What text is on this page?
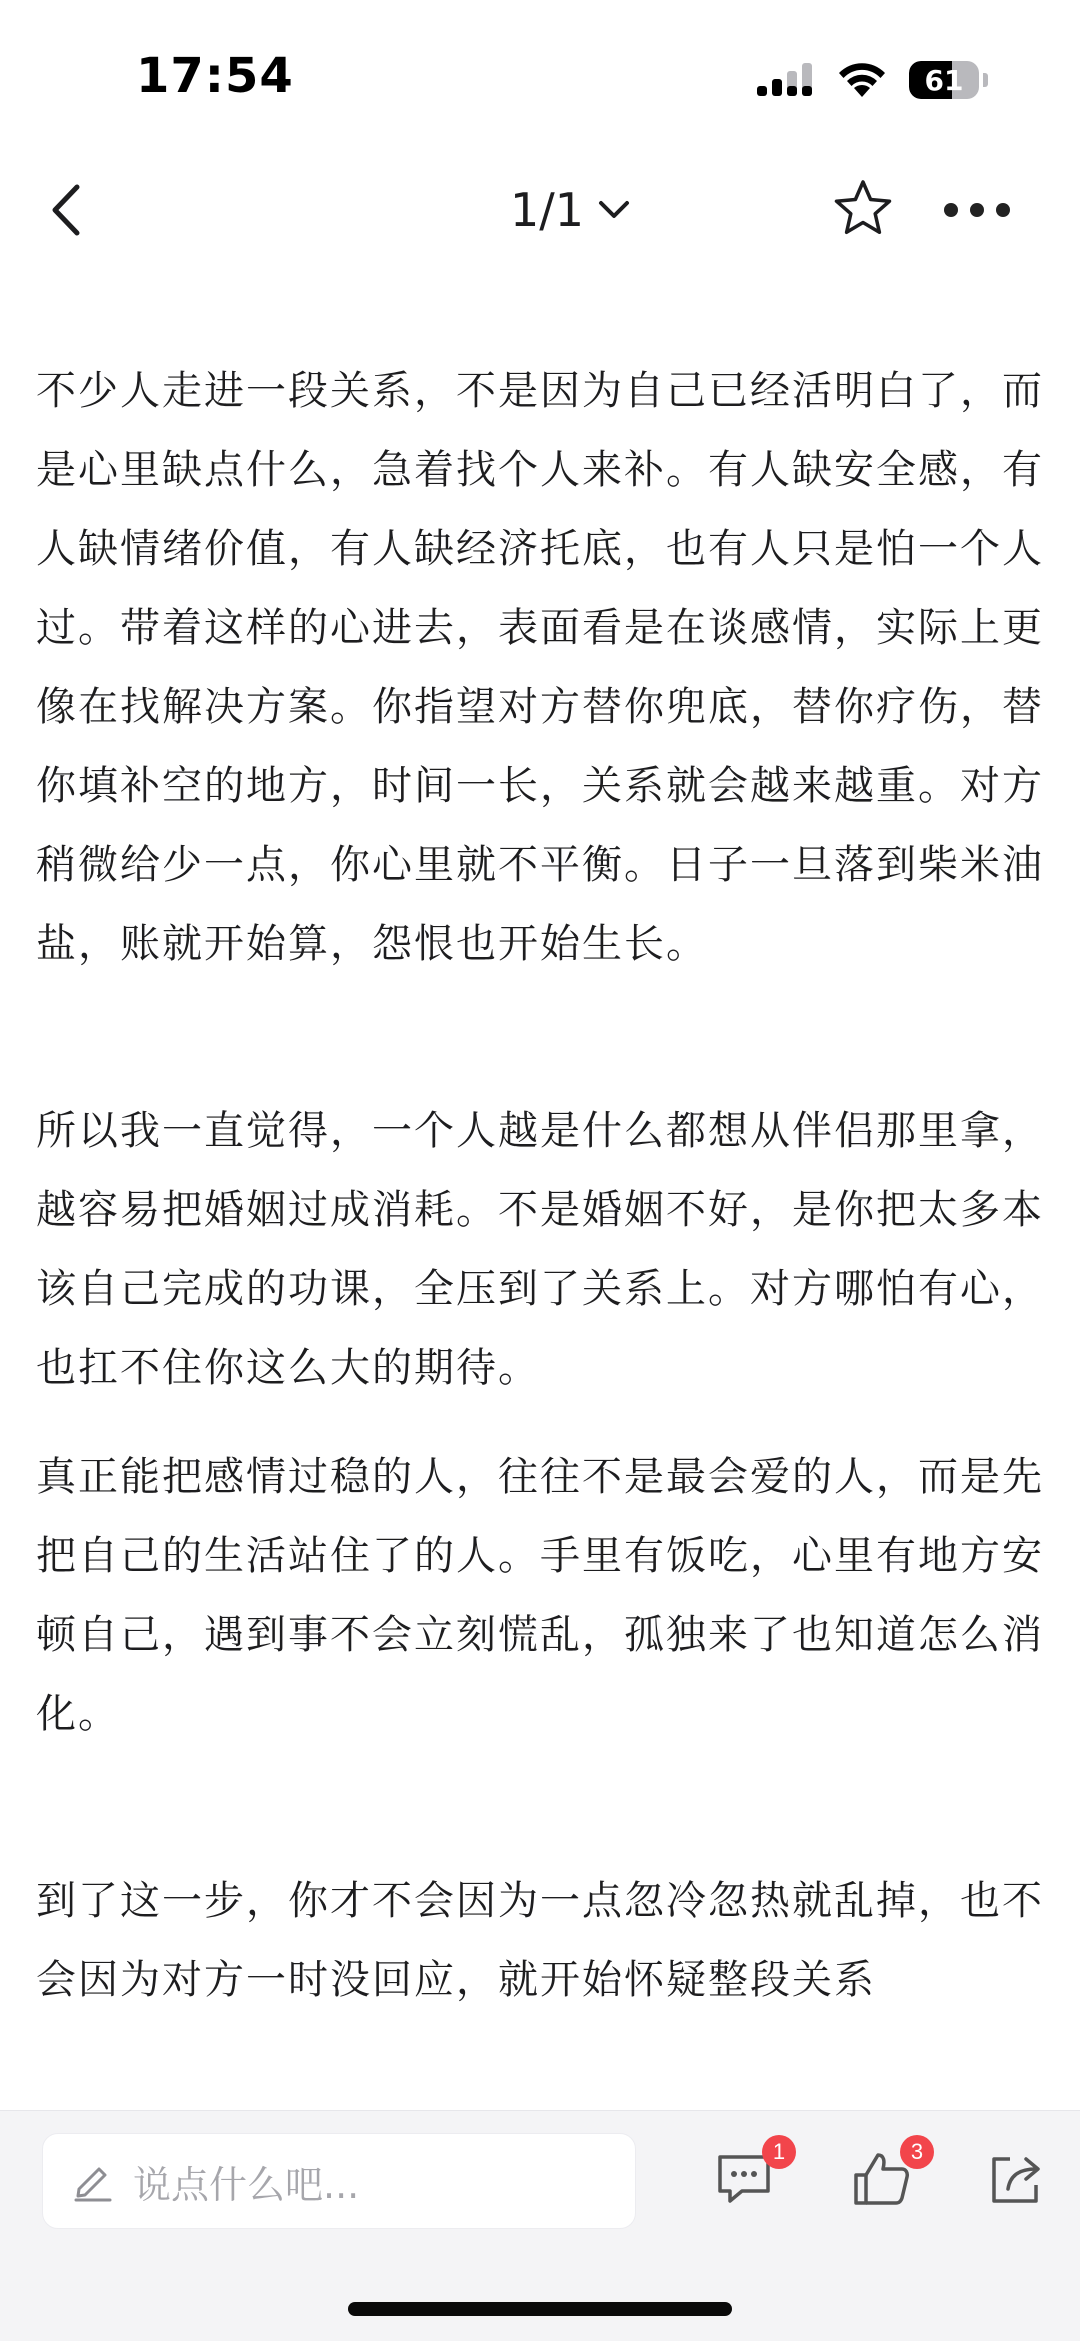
17:54	61
1/1

不少人走进一段关系，不是因为自己已经活明白了，而是心里缺点什么，急着找个人来补。有人缺安全感，有人缺情绪价值，有人缺经济托底，也有人只是怕一个人过。带着这样的心进去，表面看是在谈感情，实际上更像在找解决方案。你指望对方替你兜底，替你疗伤，替你填补空的地方，时间一长，关系就会越来越重。对方稍微给少一点，你心里就不平衡。日子一旦落到柴米油盐，账就开始算，怨恨也开始生长。

所以我一直觉得，一个人越是什么都想从伴侣那里拿，越容易把婚姻过成消耗。不是婚姻不好，是你把太多本该自己完成的功课，全压到了关系上。对方哪怕有心，也扛不住你这么大的期待。

真正能把感情过稳的人，往往不是最会爱的人，而是先把自己的生活站住了的人。手里有饭吃，心里有地方安顿自己，遇到事不会立刻慌乱，孤独来了也知道怎么消化。

到了这一步，你才不会因为一点忽冷忽热就乱掉，也不会因为对方一时没回应，就开始怀疑整段关系

说点什么吧...
1	3
